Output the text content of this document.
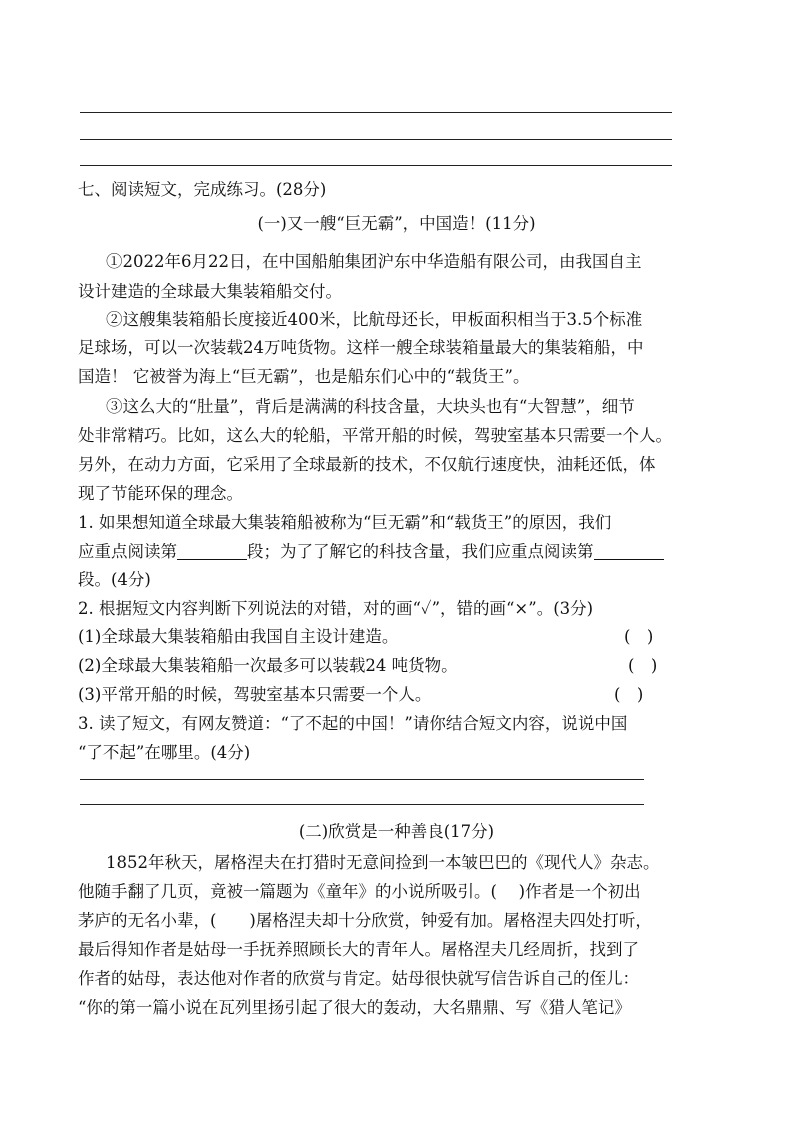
七、阅读短文，完成练习。(28分)
(一)又一艘“巨无霸”，中国造！(11分)
①2022年6月22日，在中国船舶集团沪东中华造船有限公司，由我国自主
设计建造的全球最大集装箱船交付。
②这艘集装箱船长度接近400米，比航母还长，甲板面积相当于3.5个标准
足球场，可以一次装载24万吨货物。这样一艘全球装箱量最大的集装箱船，中
国造！ 它被誉为海上“巨无霸”，也是船东们心中的“载货王”。
③这么大的“肚量”，背后是满满的科技含量，大块头也有“大智慧”，细节
处非常精巧。比如，这么大的轮船，平常开船的时候，驾驶室基本只需要一个人。
另外，在动力方面，它采用了全球最新的技术，不仅航行速度快，油耗还低，体
现了节能环保的理念。
1. 如果想知道全球最大集装箱船被称为“巨无霸”和“载货王”的原因，我们
应重点阅读第	段；为了了解它的科技含量，我们应重点阅读第
段。(4分)
2. 根据短文内容判断下列说法的对错，对的画“✓”，错的画“×”。(3分)
(1)全球最大集装箱船由我国自主设计建造。	(　)
(2)全球最大集装箱船一次最多可以装载24 吨货物。	(　)
(3)平常开船的时候，驾驶室基本只需要一个人。	(　)
3. 读了短文，有网友赞道：“了不起的中国！”请你结合短文内容，说说中国
“了不起”在哪里。(4分)
(二)欣赏是一种善良(17分)
1852年秋天，屠格涅夫在打猎时无意间捡到一本皱巴巴的《现代人》杂志。
他随手翻了几页，竟被一篇题为《童年》的小说所吸引。(　 )作者是一个初出
茅庐的无名小辈，(　　)屠格涅夫却十分欣赏，钟爱有加。屠格涅夫四处打听，
最后得知作者是姑母一手抚养照顾长大的青年人。屠格涅夫几经周折，找到了
作者的姑母，表达他对作者的欣赏与肯定。姑母很快就写信告诉自己的侄儿：
“你的第一篇小说在瓦列里扬引起了很大的轰动，大名鼎鼎、写《猎人笔记》
